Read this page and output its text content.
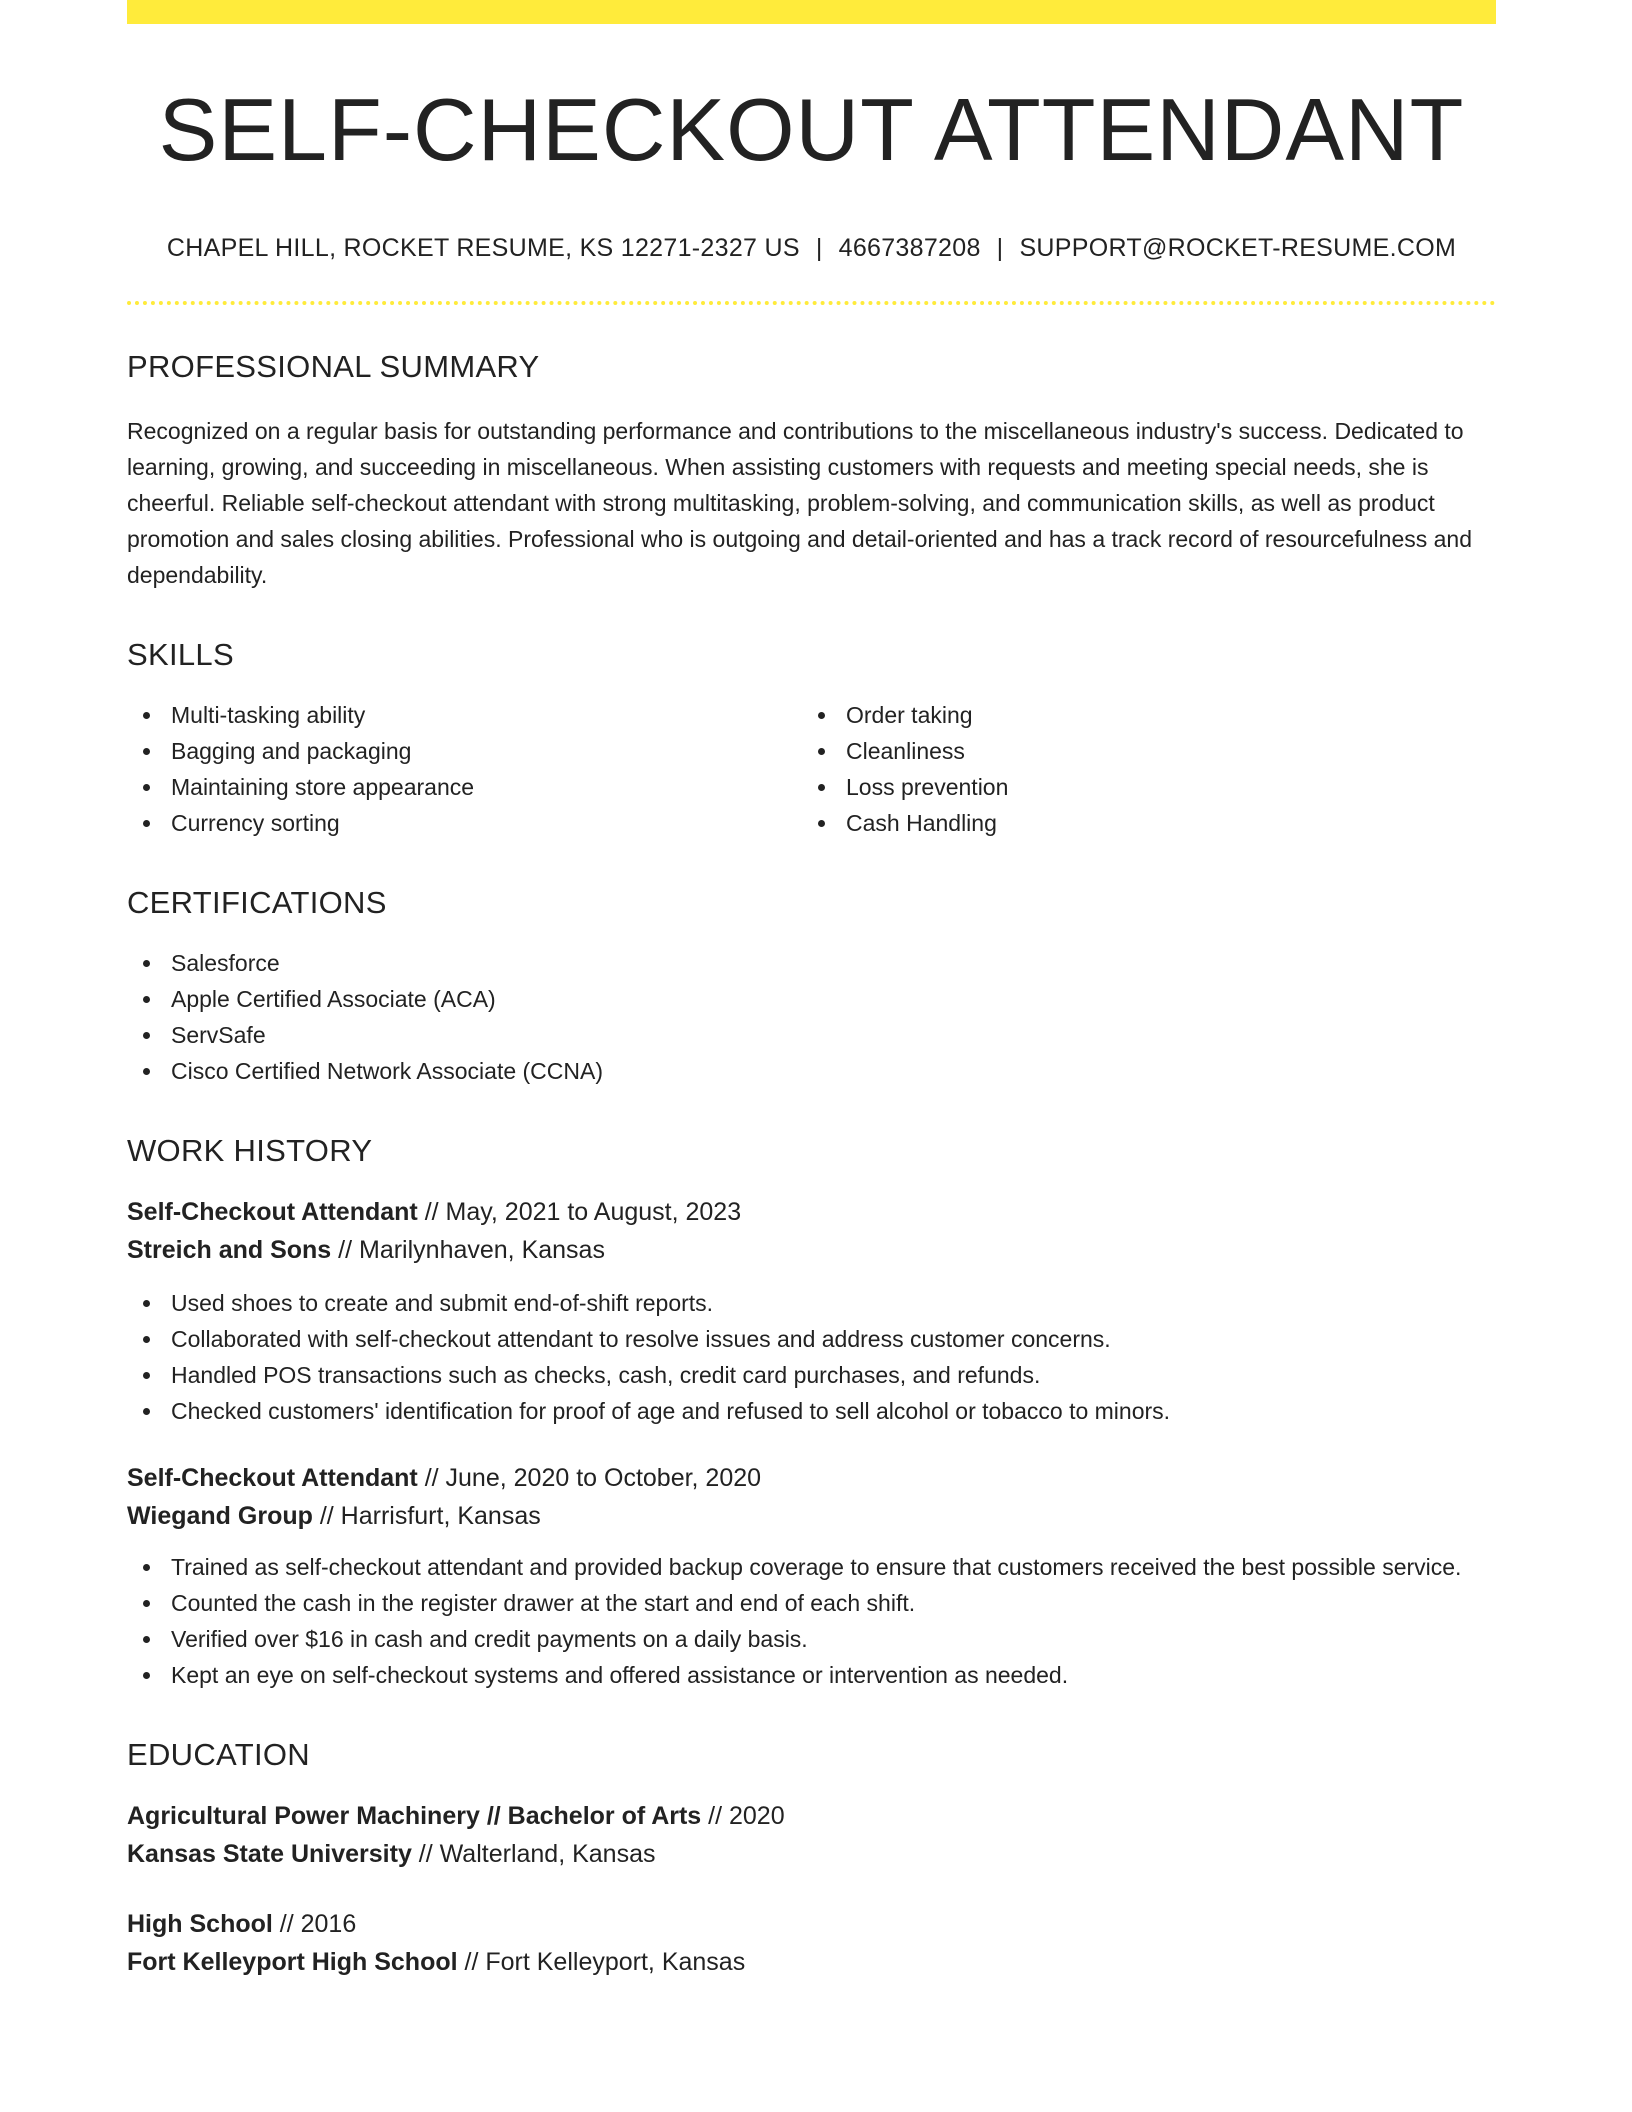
SELF-CHECKOUT ATTENDANT
CHAPEL HILL, ROCKET RESUME, KS 12271-2327 US | 4667387208 | SUPPORT@ROCKET-RESUME.COM
PROFESSIONAL SUMMARY

Recognized on a regular basis for outstanding performance and contributions to the miscellaneous industry's success. Dedicated to learning, growing, and succeeding in miscellaneous. When assisting customers with requests and meeting special needs, she is cheerful. Reliable self-checkout attendant with strong multitasking, problem-solving, and communication skills, as well as product promotion and sales closing abilities. Professional who is outgoing and detail-oriented and has a track record of resourcefulness and dependability.

SKILLS
Multi-tasking ability
Bagging and packaging
Maintaining store appearance
Currency sorting
Order taking
Cleanliness
Loss prevention
Cash Handling
CERTIFICATIONS
Salesforce
Apple Certified Associate (ACA)
ServSafe
Cisco Certified Network Associate (CCNA)
WORK HISTORY
Self-Checkout Attendant // May, 2021 to August, 2023
Streich and Sons // Marilynhaven, Kansas
Used shoes to create and submit end-of-shift reports.
Collaborated with self-checkout attendant to resolve issues and address customer concerns.
Handled POS transactions such as checks, cash, credit card purchases, and refunds.
Checked customers' identification for proof of age and refused to sell alcohol or tobacco to minors.
Self-Checkout Attendant // June, 2020 to October, 2020
Wiegand Group // Harrisfurt, Kansas
Trained as self-checkout attendant and provided backup coverage to ensure that customers received the best possible service.
Counted the cash in the register drawer at the start and end of each shift.
Verified over $16 in cash and credit payments on a daily basis.
Kept an eye on self-checkout systems and offered assistance or intervention as needed.
EDUCATION
Agricultural Power Machinery // Bachelor of Arts // 2020
Kansas State University // Walterland, Kansas
High School // 2016
Fort Kelleyport High School // Fort Kelleyport, Kansas
